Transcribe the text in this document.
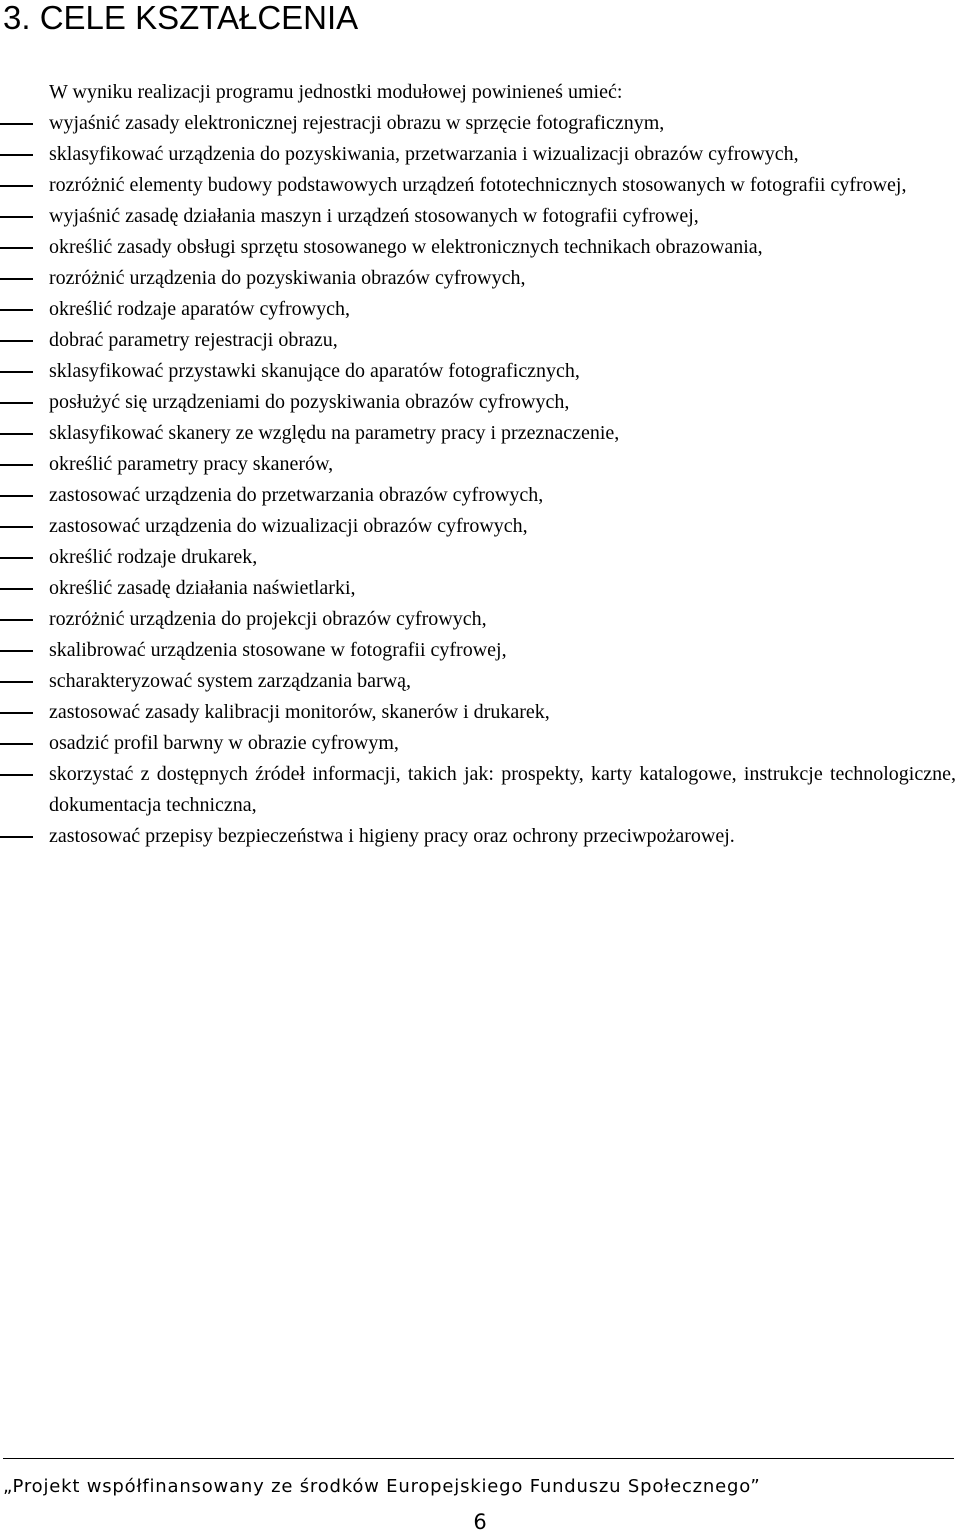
3. CELE KSZTAŁCENIA

W wyniku realizacji programu jednostki modułowej powinieneś umieć:

wyjaśnić zasady elektronicznej rejestracji obrazu w sprzęcie fotograficznym,
sklasyfikować urządzenia do pozyskiwania, przetwarzania i wizualizacji obrazów cyfrowych,
rozróżnić elementy budowy podstawowych urządzeń fototechnicznych stosowanych w fotografii cyfrowej,
wyjaśnić zasadę działania maszyn i urządzeń stosowanych w fotografii cyfrowej,
określić zasady obsługi sprzętu stosowanego w elektronicznych technikach obrazowania,
rozróżnić urządzenia do pozyskiwania obrazów cyfrowych,
określić rodzaje aparatów cyfrowych,
dobrać parametry rejestracji obrazu,
sklasyfikować przystawki skanujące do aparatów fotograficznych,
posłużyć się urządzeniami do pozyskiwania obrazów cyfrowych,
sklasyfikować skanery ze względu na parametry pracy i przeznaczenie,
określić parametry pracy skanerów,
zastosować urządzenia do przetwarzania obrazów cyfrowych,
zastosować urządzenia do wizualizacji obrazów cyfrowych,
określić rodzaje drukarek,
określić zasadę działania naświetlarki,
rozróżnić urządzenia do projekcji obrazów cyfrowych,
skalibrować urządzenia stosowane w fotografii cyfrowej,
scharakteryzować system zarządzania barwą,
zastosować zasady kalibracji monitorów, skanerów i drukarek,
osadzić profil barwny w obrazie cyfrowym,
skorzystać z dostępnych źródeł informacji, takich jak: prospekty, karty katalogowe, instrukcje technologiczne, dokumentacja techniczna,
zastosować przepisy bezpieczeństwa i higieny pracy oraz ochrony przeciwpożarowej.

„Projekt współfinansowany ze środków Europejskiego Funduszu Społecznego”

6
